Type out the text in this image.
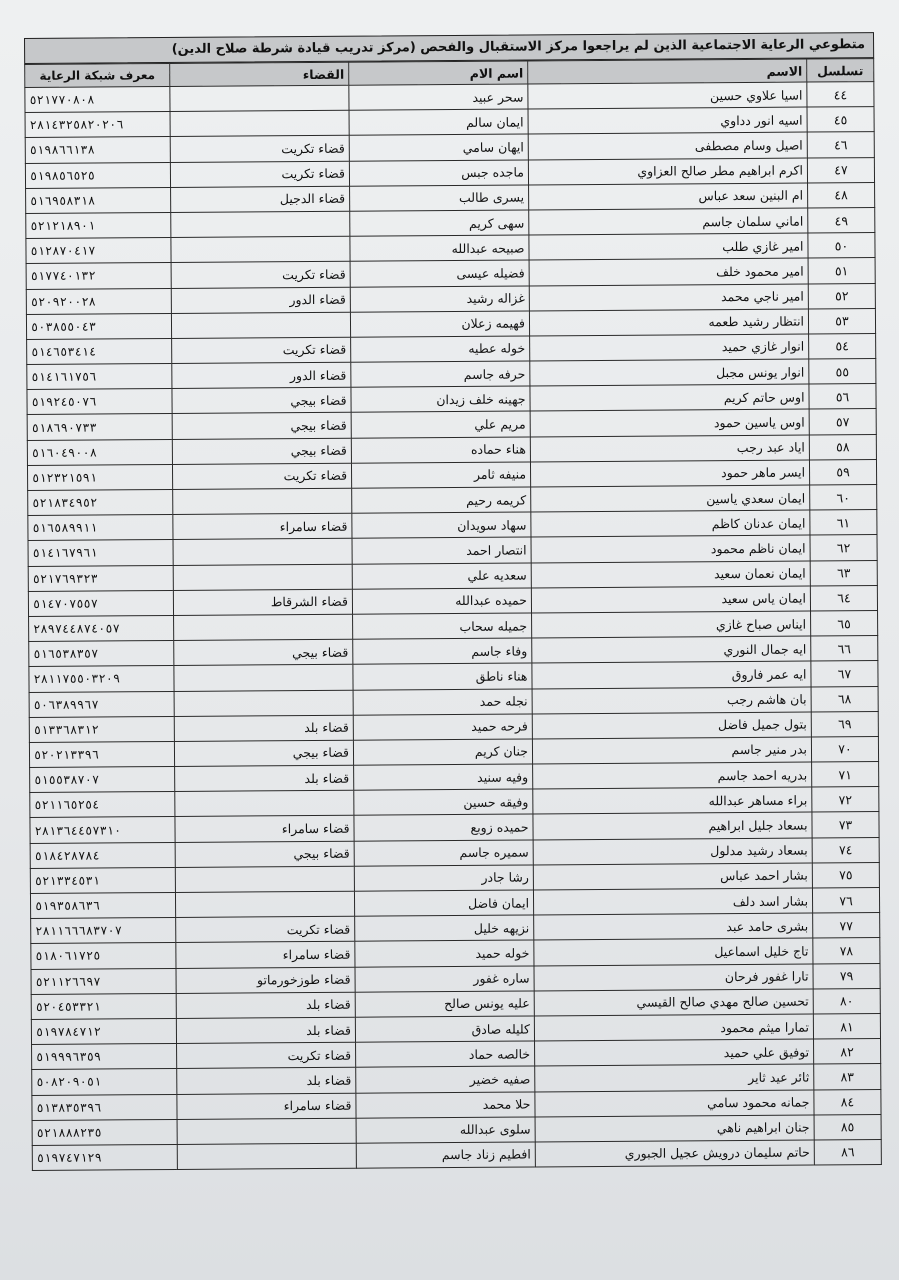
متطوعي الرعاية الاجتماعية الذين لم يراجعوا مركز الاستقبال والفحص (مركز تدريب قيادة شرطة صلاح الدين)
تسلسل	الاسم	اسم الام	القضاء	معرف شبكة الرعاية
٤٤	اسيا علاوي حسين	سحر عبيد		٥٢١٧٧٠٨٠٨
٤٥	اسيه انور دداوي	ايمان سالم		٢٨١٤٣٢٥٨٢٠٢٠٦
٤٦	اصيل وسام مصطفى	ايهان سامي	قضاء تكريت	٥١٩٨٦٦١٣٨
٤٧	اكرم ابراهيم مطر صالح العزاوي	ماجده جبس	قضاء تكريت	٥١٩٨٥٦٥٢٥
٤٨	ام البنين سعد عباس	يسرى طالب	قضاء الدجيل	٥١٦٩٥٨٣١٨
٤٩	اماني سلمان جاسم	سهى كريم		٥٢١٢١٨٩٠١
٥٠	امير غازي طلب	صبيحه عبدالله		٥١٢٨٧٠٤١٧
٥١	امير محمود خلف	فضيله عيسى	قضاء تكريت	٥١٧٧٤٠١٣٢
٥٢	امير ناجي محمد	غزاله رشيد	قضاء الدور	٥٢٠٩٢٠٠٢٨
٥٣	انتظار رشيد طعمه	فهيمه زعلان		٥٠٣٨٥٥٠٤٣
٥٤	انوار غازي حميد	خوله عطيه	قضاء تكريت	٥١٤٦٥٣٤١٤
٥٥	انوار يونس مجبل	حرفه جاسم	قضاء الدور	٥١٤١٦١٧٥٦
٥٦	اوس حاتم كريم	جهينه خلف زيدان	قضاء بيجي	٥١٩٢٤٥٠٧٦
٥٧	اوس ياسين حمود	مريم علي	قضاء بيجي	٥١٨٦٩٠٧٣٣
٥٨	اياد عبد رجب	هناء حماده	قضاء بيجي	٥١٦٠٤٩٠٠٨
٥٩	ايسر ماهر حمود	منيفه ثامر	قضاء تكريت	٥١٢٣٢١٥٩١
٦٠	ايمان سعدي ياسين	كريمه رحيم		٥٢١٨٣٤٩٥٢
٦١	ايمان عدنان كاظم	سهاد سويدان	قضاء سامراء	٥١٦٥٨٩٩١١
٦٢	ايمان ناظم محمود	انتصار احمد		٥١٤١٦٧٩٦١
٦٣	ايمان نعمان سعيد	سعديه علي		٥٢١٧٦٩٣٢٣
٦٤	ايمان ياس سعيد	حميده عبدالله	قضاء الشرقاط	٥١٤٧٠٧٥٥٧
٦٥	ايناس صباح غازي	جميله سحاب		٢٨٩٧٤٤٨٧٤٠٥٧
٦٦	ايه جمال النوري	وفاء جاسم	قضاء بيجي	٥١٦٥٣٨٣٥٧
٦٧	ايه عمر فاروق	هناء ناطق		٢٨١١٧٥٥٠٣٢٠٩
٦٨	بان هاشم رجب	نجله حمد		٥٠٦٣٨٩٩٦٧
٦٩	بتول جميل فاضل	فرحه حميد	قضاء بلد	٥١٣٣٦٨٣١٢
٧٠	بدر منير جاسم	جنان كريم	قضاء بيجي	٥٢٠٢١٣٣٩٦
٧١	بدريه احمد جاسم	وفيه سنيد	قضاء بلد	٥١٥٥٣٨٧٠٧
٧٢	براء مساهر عبدالله	وفيقه حسين		٥٢١١٦٥٢٥٤
٧٣	بسعاد جليل ابراهيم	حميده زوبع	قضاء سامراء	٢٨١٣٦٤٤٥٧٣١٠
٧٤	بسعاد رشيد مدلول	سميره جاسم	قضاء بيجي	٥١٨٤٢٨٧٨٤
٧٥	بشار احمد عباس	رشا جادر		٥٢١٣٣٤٥٣١
٧٦	بشار اسد دلف	ايمان فاضل		٥١٩٣٥٨٦٣٦
٧٧	بشرى حامد عبد	نزيهه خليل	قضاء تكريت	٢٨١١٦٦٦٨٣٧٠٧
٧٨	تاج خليل اسماعيل	خوله حميد	قضاء سامراء	٥١٨٠٦١٧٢٥
٧٩	تارا غفور فرحان	ساره غفور	قضاء طوزخورماتو	٥٢١١٢٦٦٩٧
٨٠	تحسين صالح مهدي صالح القيسي	عليه يونس صالح	قضاء بلد	٥٢٠٤٥٣٣٢١
٨١	تمارا ميثم محمود	كليله صادق	قضاء بلد	٥١٩٧٨٤٧١٢
٨٢	توفيق علي حميد	خالصه حماد	قضاء تكريت	٥١٩٩٩٦٣٥٩
٨٣	ثائر عيد ثاير	صفيه خضير	قضاء بلد	٥٠٨٢٠٩٠٥١
٨٤	جمانه محمود سامي	حلا محمد	قضاء سامراء	٥١٣٨٣٥٣٩٦
٨٥	جنان ابراهيم ناهي	سلوى عبدالله		٥٢١٨٨٨٢٣٥
٨٦	حاتم سليمان درويش عجيل الجبوري	افطيم زناد جاسم		٥١٩٧٤٧١٢٩
